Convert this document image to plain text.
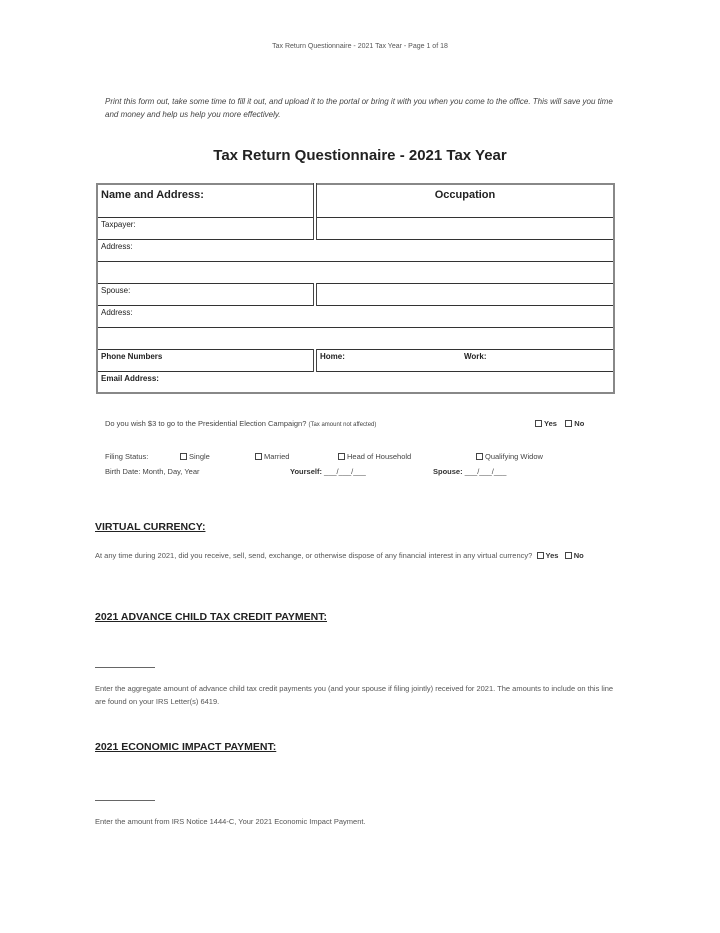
Tax Return Questionnaire - 2021 Tax Year - Page 1 of 18
Print this form out, take some time to fill it out, and upload it to the portal or bring it with you when you come to the office. This will save you time and money and help us help you more effectively.
Tax Return Questionnaire - 2021 Tax Year
Name and Address:	Occupation
Taxpayer:	
Address:	

Spouse:	
Address:	

Phone Numbers	Home: Work:

Email Address:	
Do you wish $3 to go to the Presidential Election Campaign? (Tax amount not affected)	Yes No
Filing Status:	Single	Married	Head of Household	Qualifying Widow
Birth Date: Month, Day, Year	Yourself: ___/___/___	Spouse: ___/___/___
VIRTUAL CURRENCY:
At any time during 2021, did you receive, sell, send, exchange, or otherwise dispose of any financial interest in any virtual currency? Yes No
2021 ADVANCE CHILD TAX CREDIT PAYMENT:
Enter the aggregate amount of advance child tax credit payments you (and your spouse if filing jointly) received for 2021. The amounts to include on this line are found on your IRS Letter(s) 6419.
2021 ECONOMIC IMPACT PAYMENT:
Enter the amount from IRS Notice 1444-C, Your 2021 Economic Impact Payment.
